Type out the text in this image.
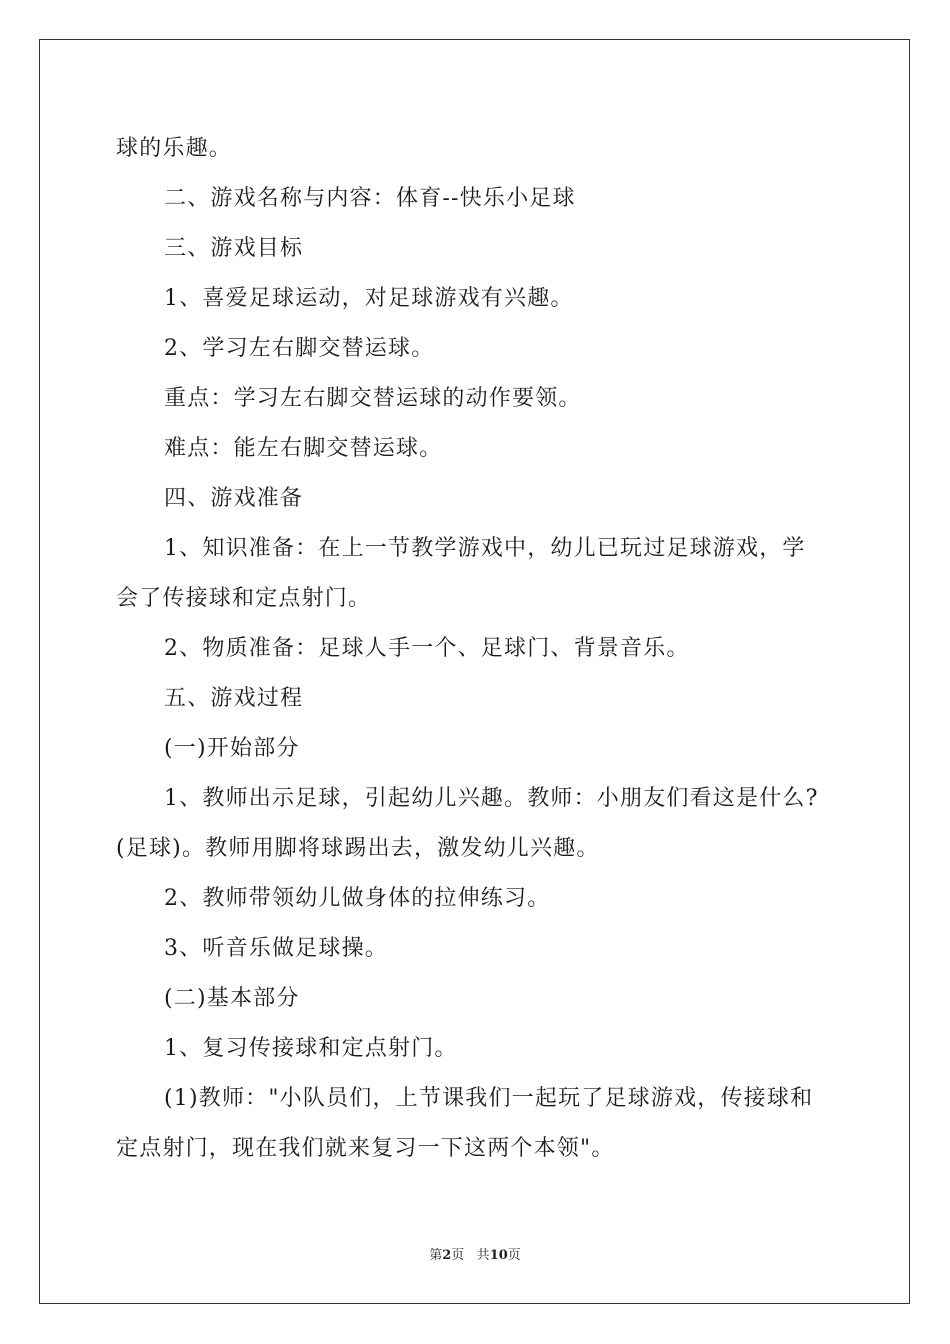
球的乐趣。
二、游戏名称与内容：体育--快乐小足球
三、游戏目标
1、喜爱足球运动，对足球游戏有兴趣。
2、学习左右脚交替运球。
重点：学习左右脚交替运球的动作要领。
难点：能左右脚交替运球。
四、游戏准备
1、知识准备：在上一节教学游戏中，幼儿已玩过足球游戏，学
会了传接球和定点射门。
2、物质准备：足球人手一个、足球门、背景音乐。
五、游戏过程
(一)开始部分
1、教师出示足球，引起幼儿兴趣。教师：小朋友们看这是什么?
(足球)。教师用脚将球踢出去，激发幼儿兴趣。
2、教师带领幼儿做身体的拉伸练习。
3、听音乐做足球操。
(二)基本部分
1、复习传接球和定点射门。
(1)教师："小队员们，上节课我们一起玩了足球游戏，传接球和
定点射门，现在我们就来复习一下这两个本领"。
第2页 共10页
